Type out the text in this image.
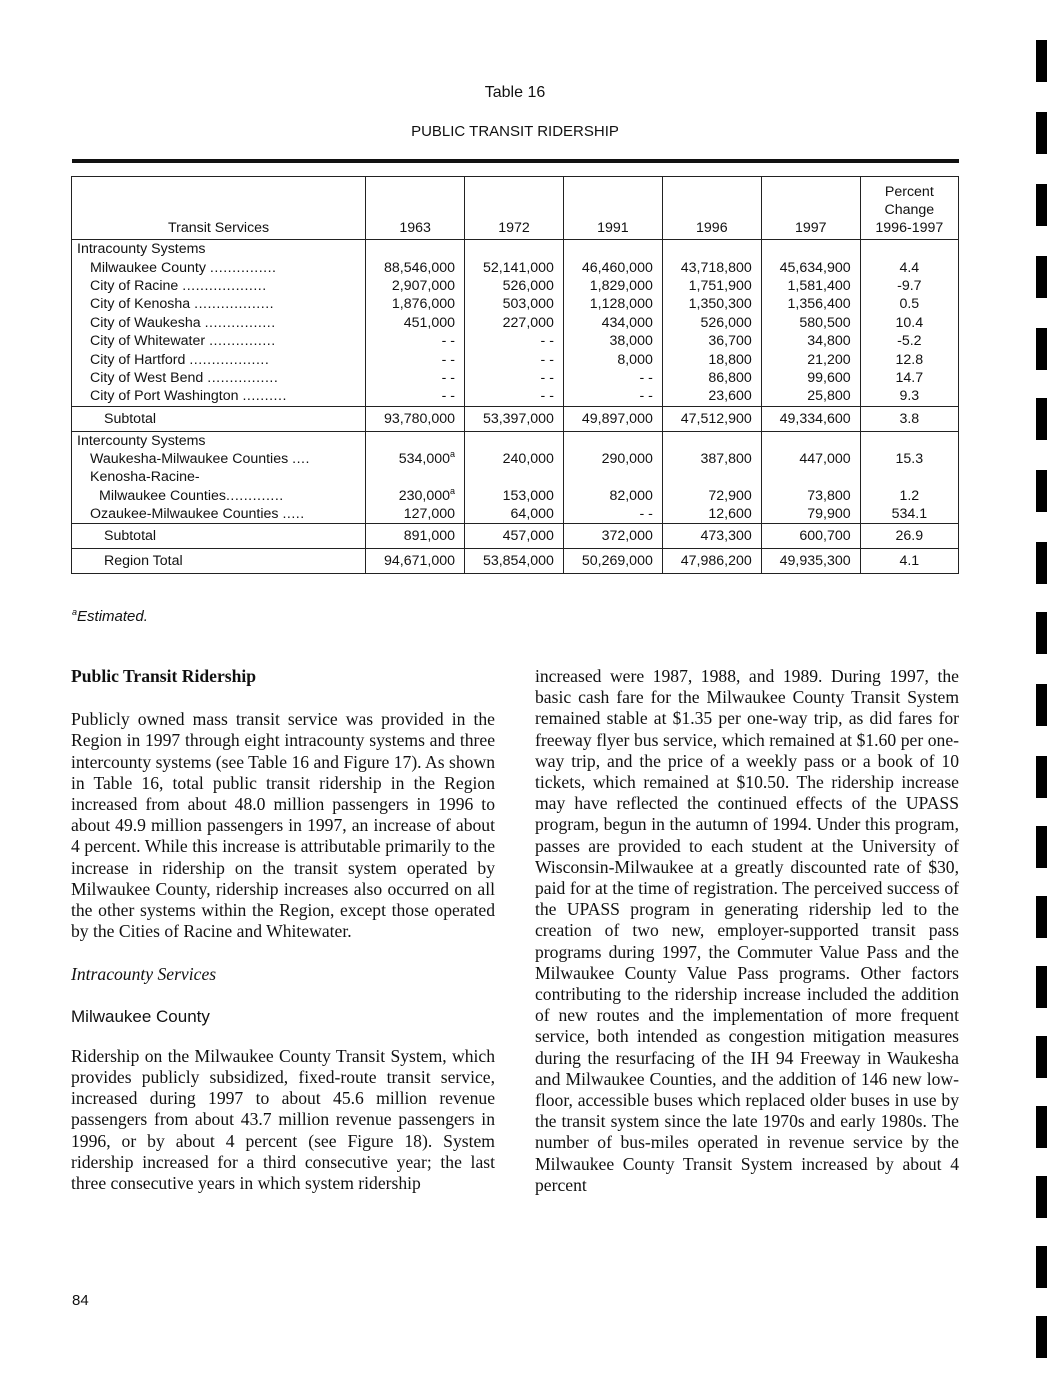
Table 16
PUBLIC TRANSIT RIDERSHIP
Transit Services	1963	1972	1991	1996	1997	Percent
Change
1996-1997
Intracounty Systems						
Milwaukee County ...............	88,546,000	52,141,000	46,460,000	43,718,800	45,634,900	4.4
City of Racine ...................	2,907,000	526,000	1,829,000	1,751,900	1,581,400	-9.7
City of Kenosha ..................	1,876,000	503,000	1,128,000	1,350,300	1,356,400	0.5
City of Waukesha ................	451,000	227,000	434,000	526,000	580,500	10.4
City of Whitewater ...............	- -	- -	38,000	36,700	34,800	-5.2
City of Hartford ..................	- -	- -	8,000	18,800	21,200	12.8
City of West Bend ................	- -	- -	- -	86,800	99,600	14.7
City of Port Washington ..........	- -	- -	- -	23,600	25,800	9.3
Subtotal	93,780,000	53,397,000	49,897,000	47,512,900	49,334,600	3.8
Intercounty Systems						
Waukesha-Milwaukee Counties ....	534,000$^a$	240,000	290,000	387,800	447,000	15.3
Kenosha-Racine-						
Milwaukee Counties.............	230,000$^a$	153,000	82,000	72,900	73,800	1.2
Ozaukee-Milwaukee Counties .....	127,000	64,000	- -	12,600	79,900	534.1
Subtotal	891,000	457,000	372,000	473,300	600,700	26.9
Region Total	94,671,000	53,854,000	50,269,000	47,986,200	49,935,300	4.1
$^a$Estimated.

Public Transit Ridership

Publicly owned mass transit service was provided in the Region in 1997 through eight intracounty systems and three intercounty systems (see Table 16 and Figure 17). As shown in Table 16, total public transit ridership in the Region increased from about 48.0 million passengers in 1996 to about 49.9 million passengers in 1997, an increase of about 4 percent. While this increase is attributable primarily to the increase in ridership on the transit system operated by Milwaukee County, ridership increases also occurred on all the other systems within the Region, except those operated by the Cities of Racine and Whitewater.

Intracounty Services

Milwaukee County

Ridership on the Milwaukee County Transit System, which provides publicly subsidized, fixed-route transit service, increased during 1997 to about 45.6 million revenue passengers from about 43.7 million revenue passengers in 1996, or by about 4 percent (see Figure 18). System ridership increased for a third consecutive year; the last three consecutive years in which system ridership

increased were 1987, 1988, and 1989. During 1997, the basic cash fare for the Milwaukee County Transit System remained stable at $1.35 per one-way trip, as did fares for freeway flyer bus service, which remained at $1.60 per one-way trip, and the price of a weekly pass or a book of 10 tickets, which remained at $10.50. The ridership increase may have reflected the continued effects of the UPASS program, begun in the autumn of 1994. Under this program, passes are provided to each student at the University of Wisconsin-Milwaukee at a greatly discounted rate of $30, paid for at the time of registration. The perceived success of the UPASS program in generating ridership led to the creation of two new, employer-supported transit pass programs during 1997, the Commuter Value Pass and the Milwaukee County Value Pass programs. Other factors contributing to the ridership increase included the addition of new routes and the implementation of more frequent service, both intended as congestion mitigation measures during the resurfacing of the IH 94 Freeway in Waukesha and Milwaukee Counties, and the addition of 146 new low-floor, accessible buses which replaced older buses in use by the transit system since the late 1970s and early 1980s. The number of bus-miles operated in revenue service by the Milwaukee County Transit System increased by about 4 percent

84
